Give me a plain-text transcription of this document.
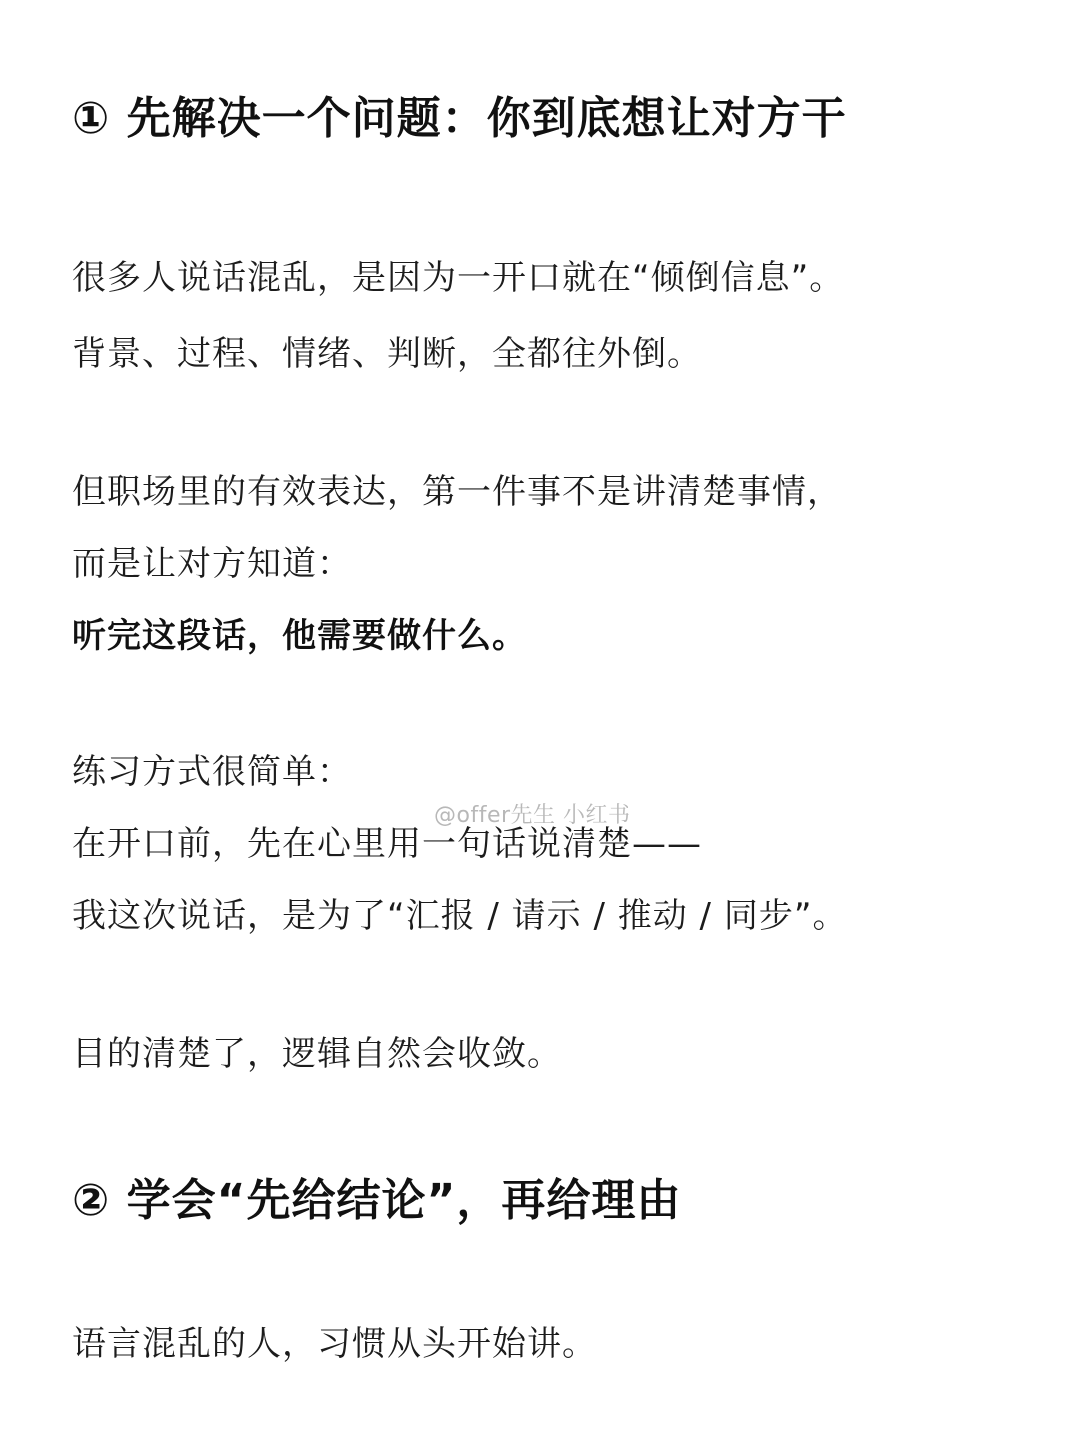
① 先解决一个问题：你到底想让对方干
很多人说话混乱，是因为一开口就在“倾倒信息”。
背景、过程、情绪、判断，全都往外倒。
但职场里的有效表达，第一件事不是讲清楚事情，
而是让对方知道：
听完这段话，他需要做什么。
练习方式很简单：
在开口前，先在心里用一句话说清楚——
我这次说话，是为了“汇报 / 请示 / 推动 / 同步”。
目的清楚了，逻辑自然会收敛。
② 学会“先给结论”，再给理由
语言混乱的人，习惯从头开始讲。
@offer先生 小红书
